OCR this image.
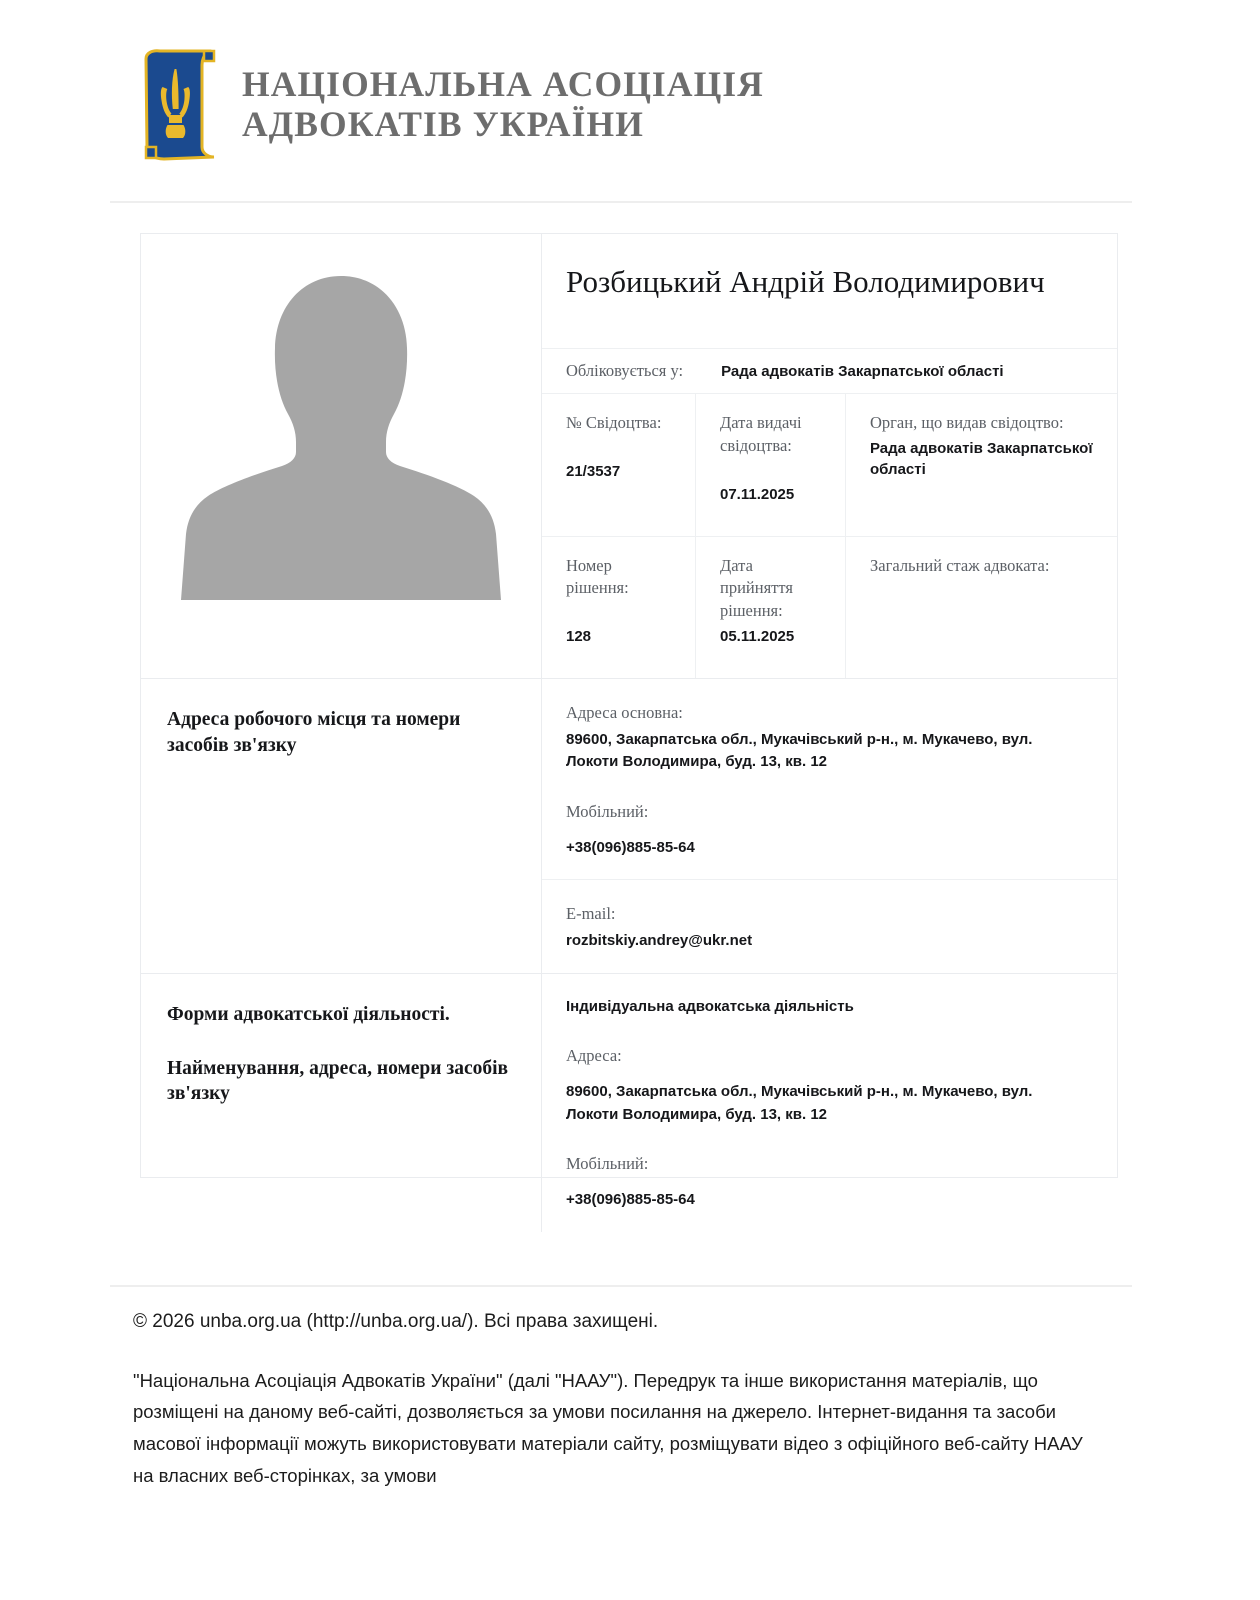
НАЦІОНАЛЬНА АСОЦІАЦІЯ
АДВОКАТІВ УКРАЇНИ
Розбицький Андрій Володимирович
Обліковується у:	Рада адвокатів Закарпатської області
№ Свідоцтва:
21/3537
Дата видачі свідоцтва:
07.11.2025
Орган, що видав свідоцтво:
Рада адвокатів Закарпатської області
Номер рішення:
128
Дата прийняття рішення:
05.11.2025
Загальний стаж адвоката:
Адреса робочого місця та номери засобів зв'язку
Адреса основна:
89600, Закарпатська обл., Мукачівський р-н., м. Мукачево, вул. Локоти Володимира, буд. 13, кв. 12
Мобільний:
+38(096)885-85-64
E-mail:
rozbitskiy.andrey@ukr.net
Форми адвокатської діяльності.
Найменування, адреса, номери засобів зв'язку
Індивідуальна адвокатська діяльність
Адреса:
89600, Закарпатська обл., Мукачівський р-н., м. Мукачево, вул. Локоти Володимира, буд. 13, кв. 12
Мобільний:
+38(096)885-85-64
© 2026 unba.org.ua (http://unba.org.ua/). Всі права захищені.
"Національна Асоціація Адвокатів України" (далі "НААУ"). Передрук та інше використання матеріалів, що розміщені на даному веб-сайті, дозволяється за умови посилання на джерело. Інтернет-видання та засоби масової інформації можуть використовувати матеріали сайту, розміщувати відео з офіційного веб-сайту НААУ на власних веб-сторінках, за умови
